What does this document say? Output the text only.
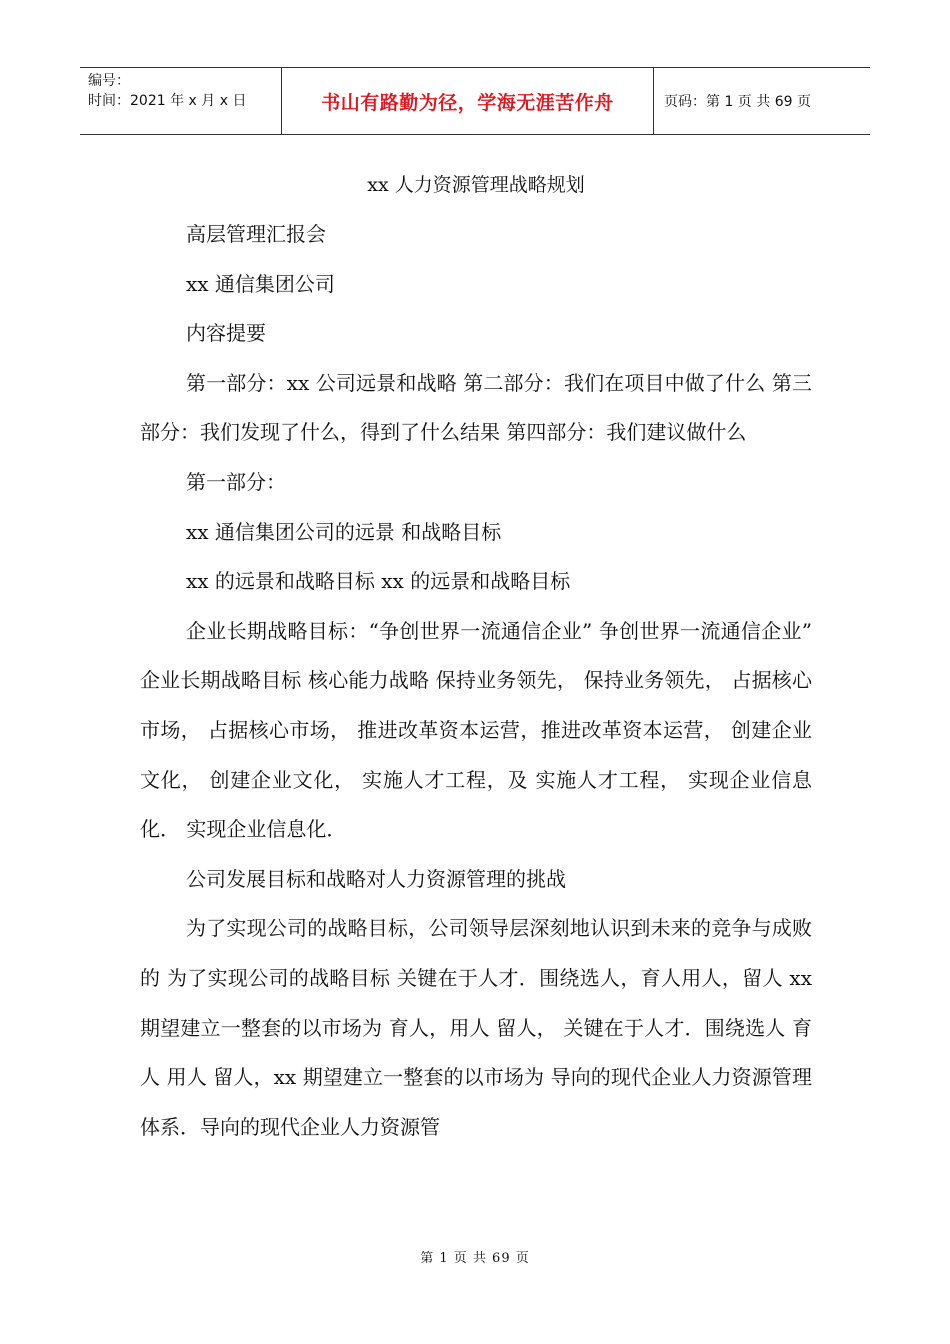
编号：
时间：2021 年 x 月 x 日	书山有路勤为径，学海无涯苦作舟	页码：第 1 页 共 69 页

xx 人力资源管理战略规划

高层管理汇报会

xx 通信集团公司

内容提要

第一部分：xx 公司远景和战略 第二部分：我们在项目中做了什么 第三部分：我们发现了什么，得到了什么结果 第四部分：我们建议做什么

第一部分：

xx 通信集团公司的远景 和战略目标

xx 的远景和战略目标 xx 的远景和战略目标

企业长期战略目标：“争创世界一流通信企业” 争创世界一流通信企业” 企业长期战略目标 核心能力战略 保持业务领先， 保持业务领先， 占据核心市场， 占据核心市场， 推进改革资本运营，推进改革资本运营， 创建企业文化， 创建企业文化， 实施人才工程，及 实施人才工程， 实现企业信息化． 实现企业信息化．

公司发展目标和战略对人力资源管理的挑战

为了实现公司的战略目标，公司领导层深刻地认识到未来的竞争与成败的 为了实现公司的战略目标 关键在于人才．围绕选人，育人用人，留人 xx 期望建立一整套的以市场为 育人，用人 留人， 关键在于人才．围绕选人 育人 用人 留人，xx 期望建立一整套的以市场为 导向的现代企业人力资源管理体系．导向的现代企业人力资源管

第 1 页 共 69 页
